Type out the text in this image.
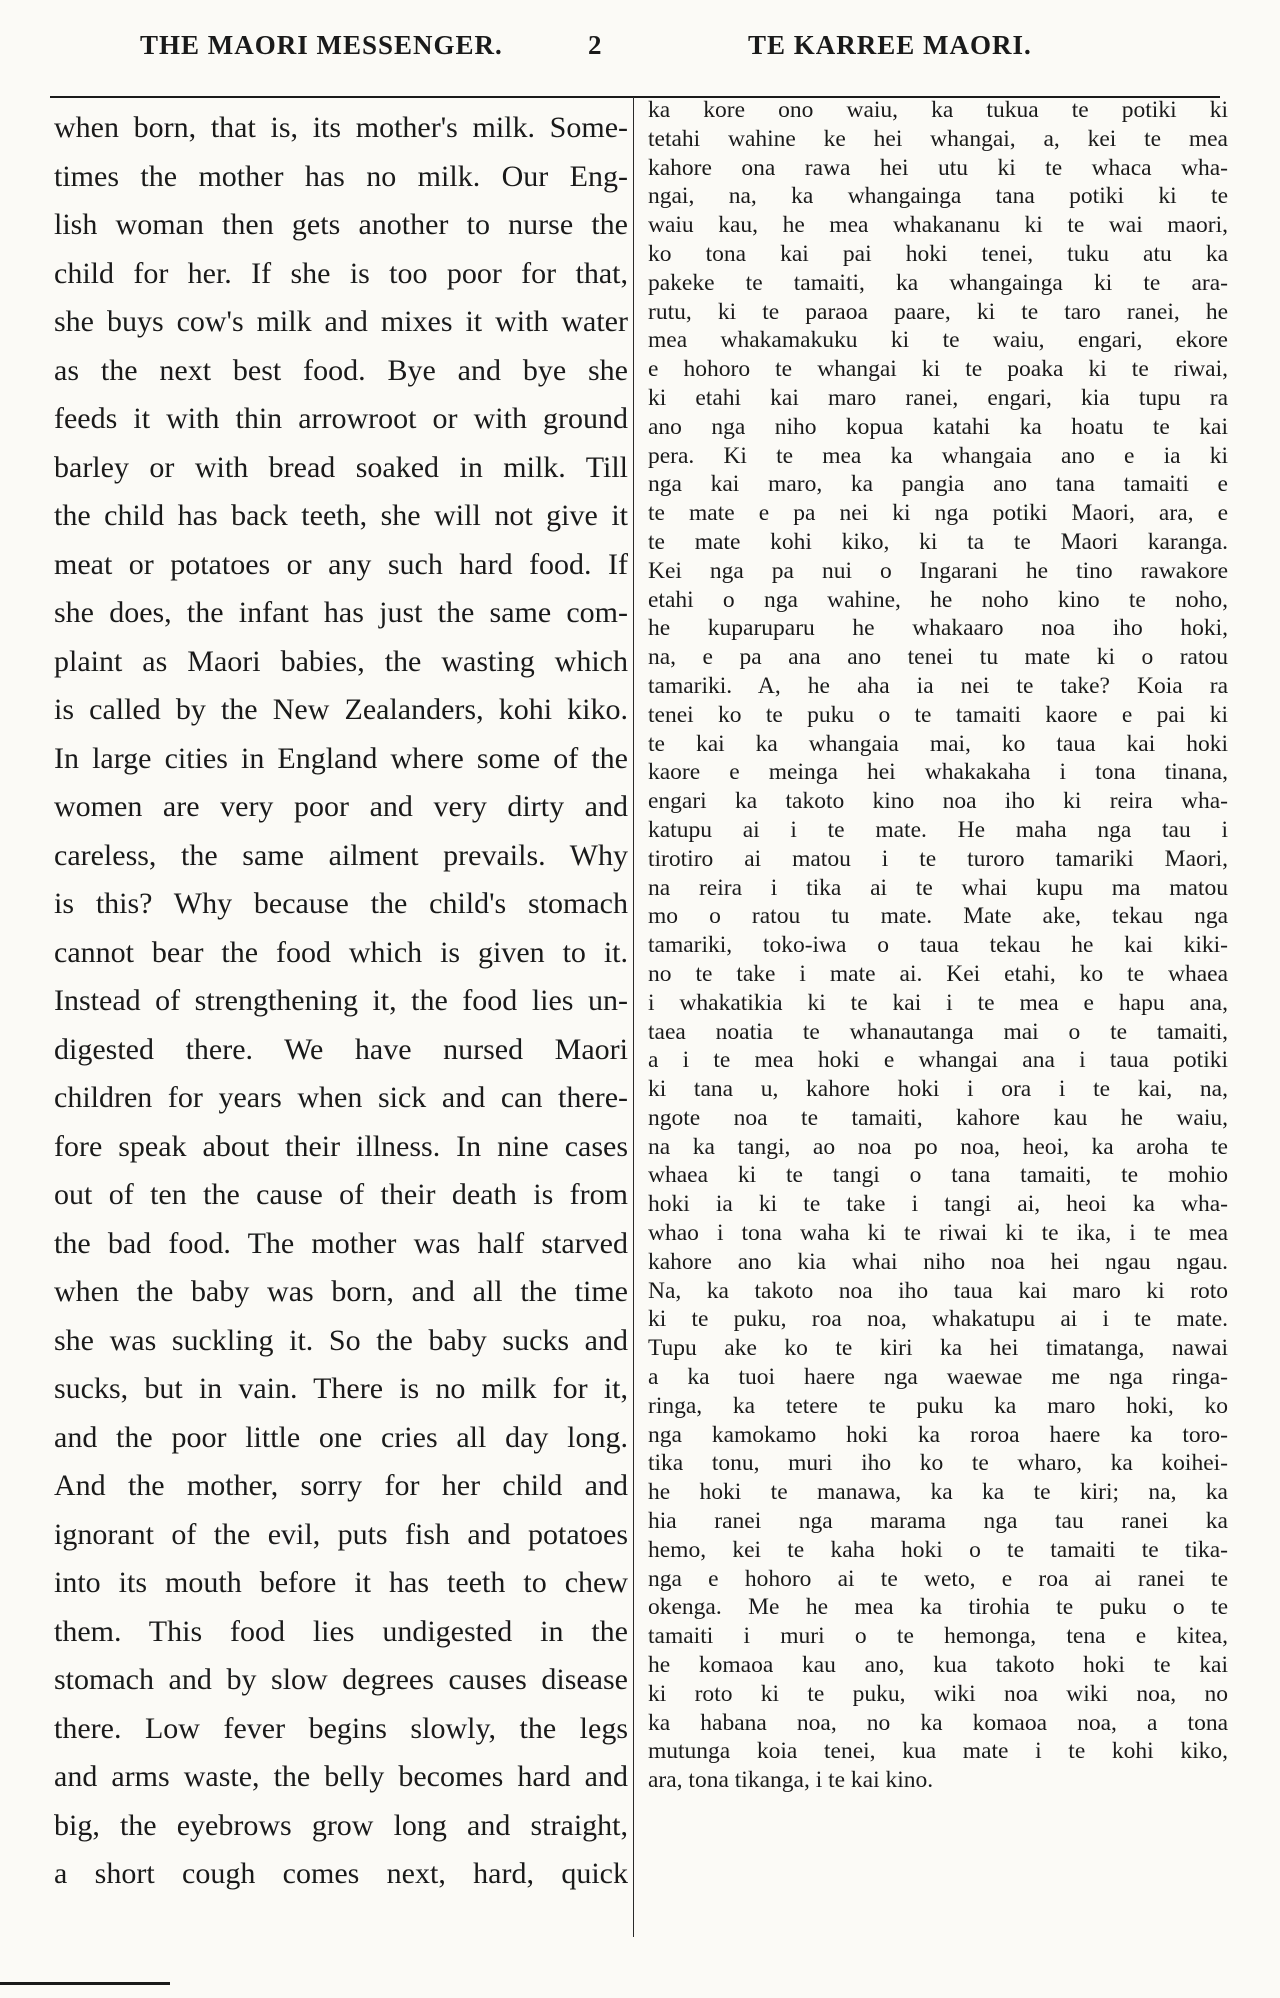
THE MAORI MESSENGER.	2	TE KARREE MAORI.
when born, that is, its mother's milk. Some-
times the mother has no milk. Our Eng-
lish woman then gets another to nurse the
child for her. If she is too poor for that,
she buys cow's milk and mixes it with water
as the next best food. Bye and bye she
feeds it with thin arrowroot or with ground
barley or with bread soaked in milk. Till
the child has back teeth, she will not give it
meat or potatoes or any such hard food. If
she does, the infant has just the same com-
plaint as Maori babies, the wasting which
is called by the New Zealanders, kohi kiko.
In large cities in England where some of the
women are very poor and very dirty and
careless, the same ailment prevails. Why
is this? Why because the child's stomach
cannot bear the food which is given to it.
Instead of strengthening it, the food lies un-
digested there. We have nursed Maori
children for years when sick and can there-
fore speak about their illness. In nine cases
out of ten the cause of their death is from
the bad food. The mother was half starved
when the baby was born, and all the time
she was suckling it. So the baby sucks and
sucks, but in vain. There is no milk for it,
and the poor little one cries all day long.
And the mother, sorry for her child and
ignorant of the evil, puts fish and potatoes
into its mouth before it has teeth to chew
them. This food lies undigested in the
stomach and by slow degrees causes disease
there. Low fever begins slowly, the legs
and arms waste, the belly becomes hard and
big, the eyebrows grow long and straight,
a short cough comes next, hard, quick
ka kore ono waiu, ka tukua te potiki ki
tetahi wahine ke hei whangai, a, kei te mea
kahore ona rawa hei utu ki te whaca wha-
ngai, na, ka whangainga tana potiki ki te
waiu kau, he mea whakananu ki te wai maori,
ko tona kai pai hoki tenei, tuku atu ka
pakeke te tamaiti, ka whangainga ki te ara-
rutu, ki te paraoa paare, ki te taro ranei, he
mea whakamakuku ki te waiu, engari, ekore
e hohoro te whangai ki te poaka ki te riwai,
ki etahi kai maro ranei, engari, kia tupu ra
ano nga niho kopua katahi ka hoatu te kai
pera. Ki te mea ka whangaia ano e ia ki
nga kai maro, ka pangia ano tana tamaiti e
te mate e pa nei ki nga potiki Maori, ara, e
te mate kohi kiko, ki ta te Maori karanga.
Kei nga pa nui o Ingarani he tino rawakore
etahi o nga wahine, he noho kino te noho,
he kuparuparu he whakaaro noa iho hoki,
na, e pa ana ano tenei tu mate ki o ratou
tamariki. A, he aha ia nei te take? Koia ra
tenei ko te puku o te tamaiti kaore e pai ki
te kai ka whangaia mai, ko taua kai hoki
kaore e meinga hei whakakaha i tona tinana,
engari ka takoto kino noa iho ki reira wha-
katupu ai i te mate. He maha nga tau i
tirotiro ai matou i te turoro tamariki Maori,
na reira i tika ai te whai kupu ma matou
mo o ratou tu mate. Mate ake, tekau nga
tamariki, toko-iwa o taua tekau he kai kiki-
no te take i mate ai. Kei etahi, ko te whaea
i whakatikia ki te kai i te mea e hapu ana,
taea noatia te whanautanga mai o te tamaiti,
a i te mea hoki e whangai ana i taua potiki
ki tana u, kahore hoki i ora i te kai, na,
ngote noa te tamaiti, kahore kau he waiu,
na ka tangi, ao noa po noa, heoi, ka aroha te
whaea ki te tangi o tana tamaiti, te mohio
hoki ia ki te take i tangi ai, heoi ka wha-
whao i tona waha ki te riwai ki te ika, i te mea
kahore ano kia whai niho noa hei ngau ngau.
Na, ka takoto noa iho taua kai maro ki roto
ki te puku, roa noa, whakatupu ai i te mate.
Tupu ake ko te kiri ka hei timatanga, nawai
a ka tuoi haere nga waewae me nga ringa-
ringa, ka tetere te puku ka maro hoki, ko
nga kamokamo hoki ka roroa haere ka toro-
tika tonu, muri iho ko te wharo, ka koihei-
he hoki te manawa, ka ka te kiri; na, ka
hia ranei nga marama nga tau ranei ka
hemo, kei te kaha hoki o te tamaiti te tika-
nga e hohoro ai te weto, e roa ai ranei te
okenga. Me he mea ka tirohia te puku o te
tamaiti i muri o te hemonga, tena e kitea,
he komaoa kau ano, kua takoto hoki te kai
ki roto ki te puku, wiki noa wiki noa, no
ka habana noa, no ka komaoa noa, a tona
mutunga koia tenei, kua mate i te kohi kiko,
ara, tona tikanga, i te kai kino.
